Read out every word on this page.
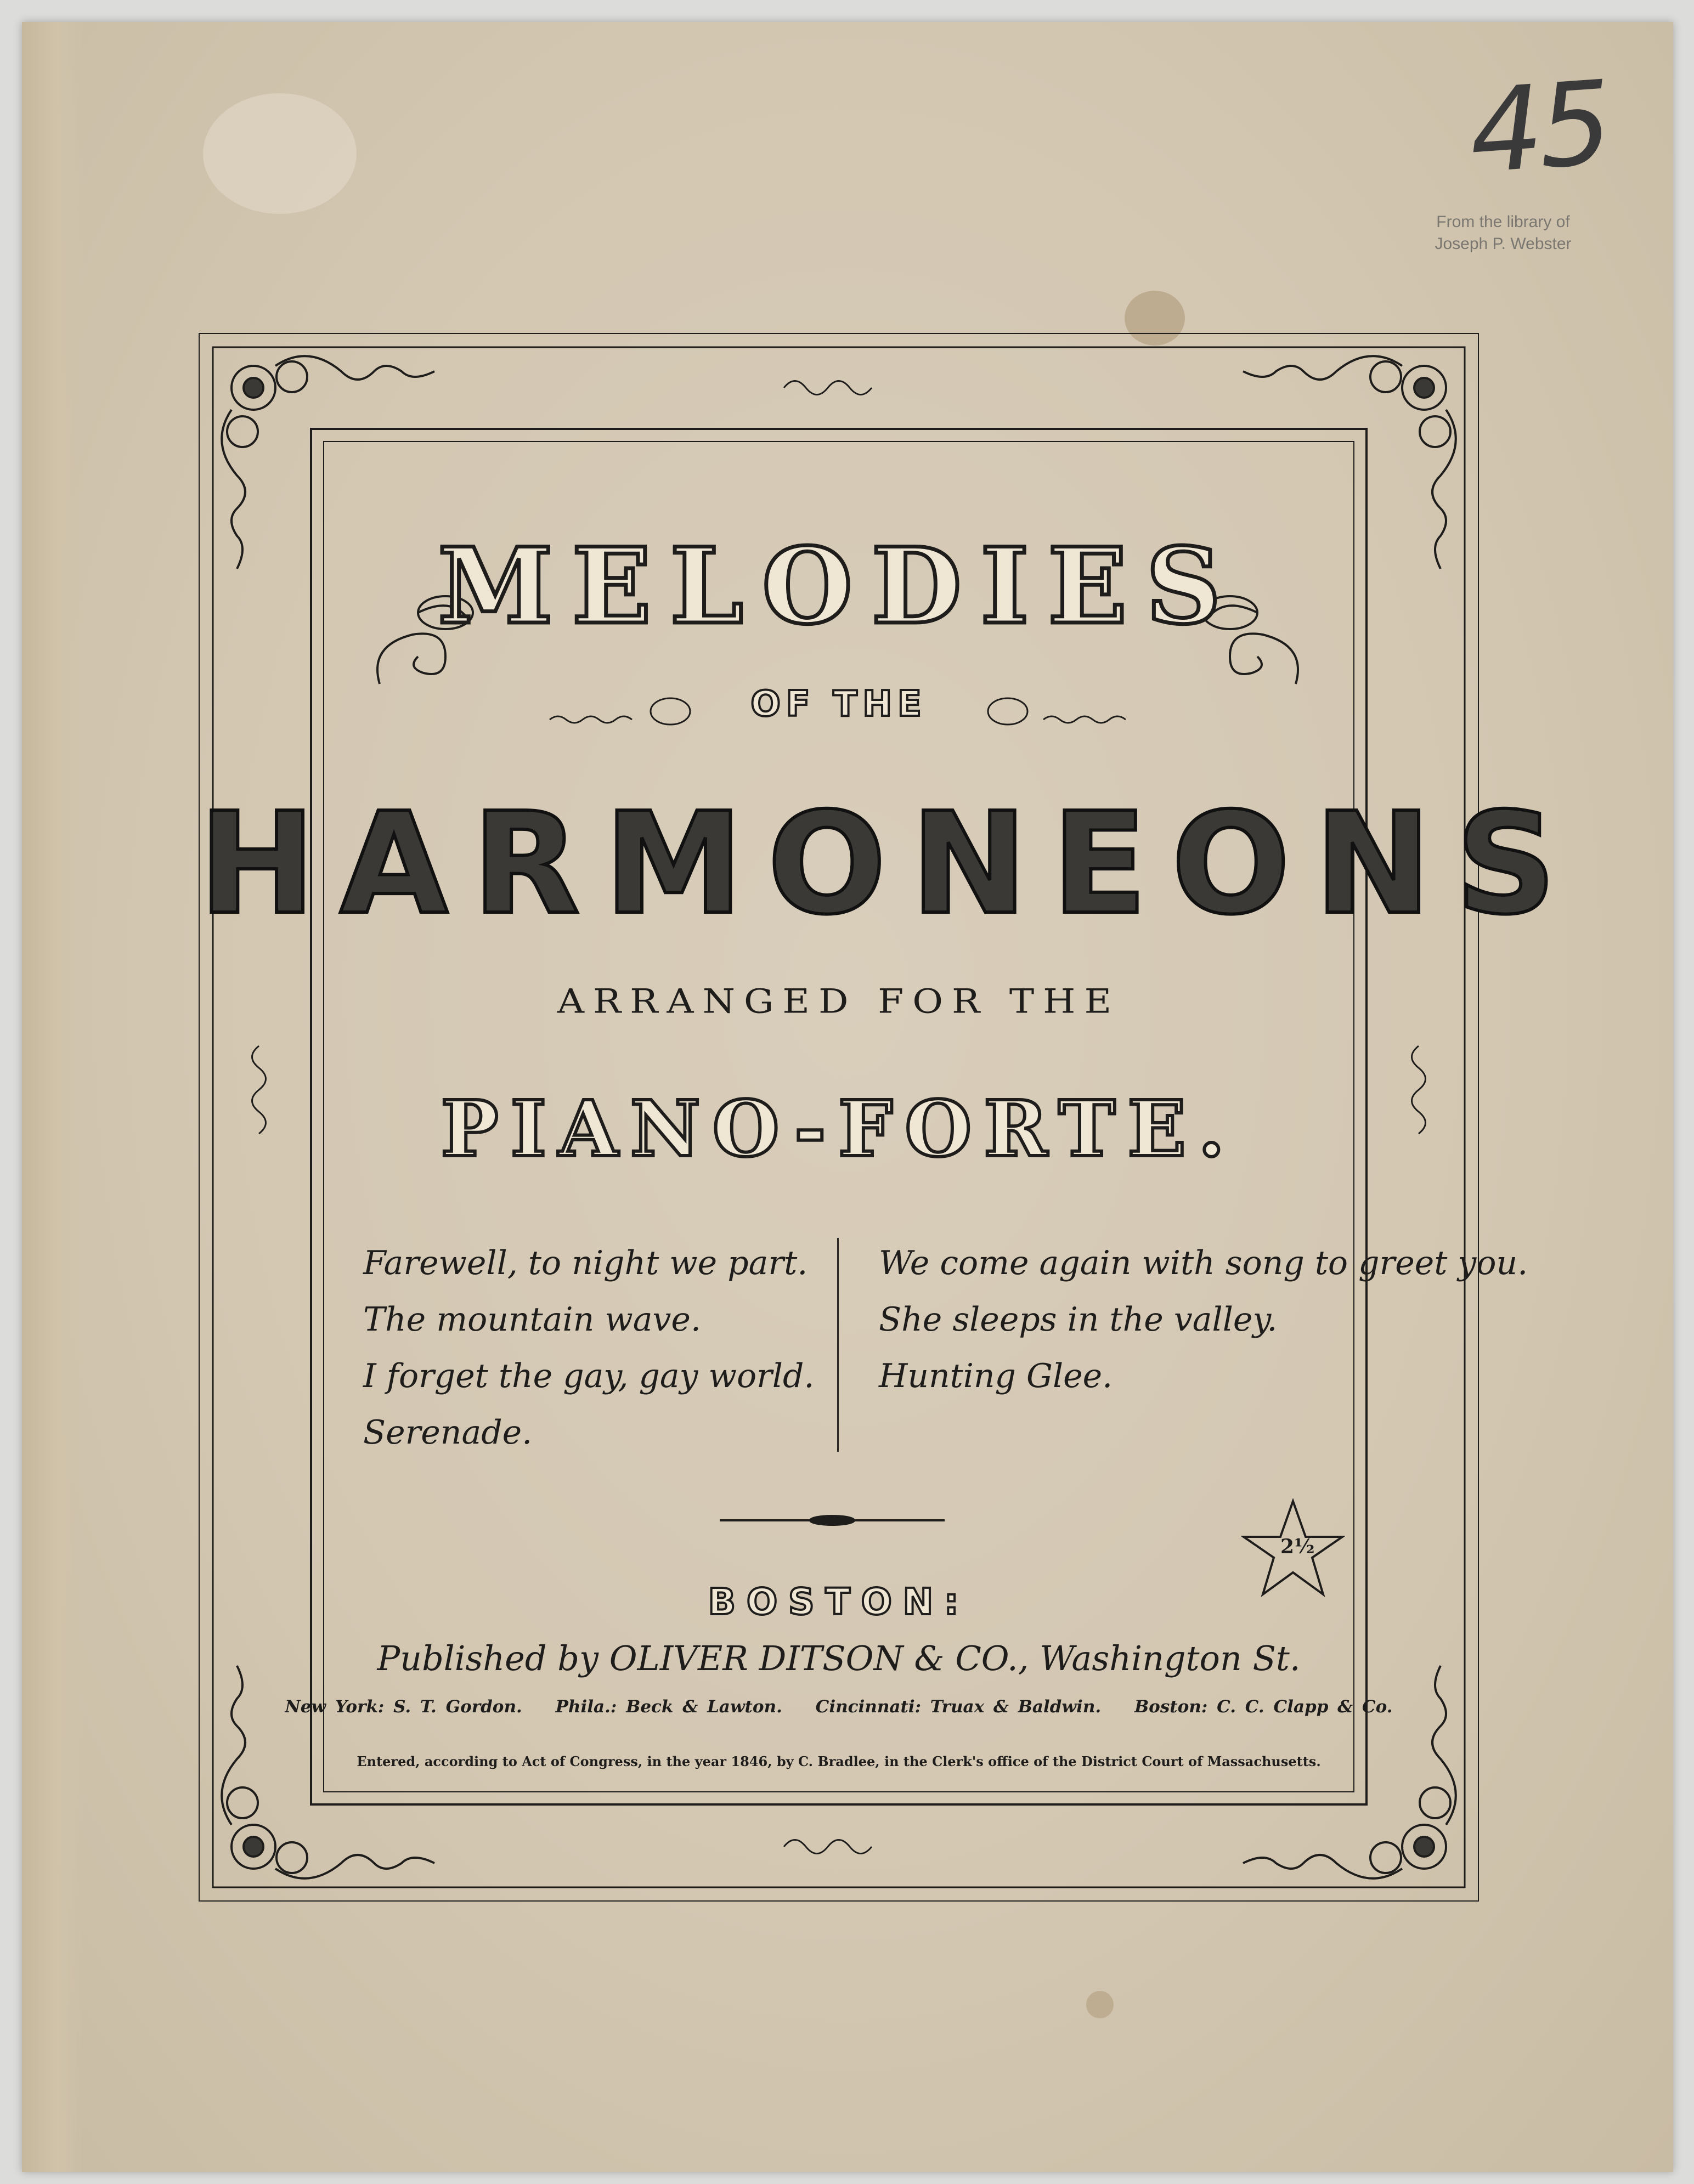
45
From the library of
Joseph P. Webster
MELODIES
OF THE
HARMONEONS
ARRANGED FOR THE
PIANO-FORTE.
Farewell, to night we part.
The mountain wave.
I forget the gay, gay world.
Serenade.
We come again with song to greet you.
She sleeps in the valley.
Hunting Glee.
2½
BOSTON:
Published by OLIVER DITSON & CO., Washington St.
New York: S. T. Gordon. Phila.: Beck & Lawton. Cincinnati: Truax & Baldwin. Boston: C. C. Clapp & Co.
Entered, according to Act of Congress, in the year 1846, by C. Bradlee, in the Clerk's office of the District Court of Massachusetts.
